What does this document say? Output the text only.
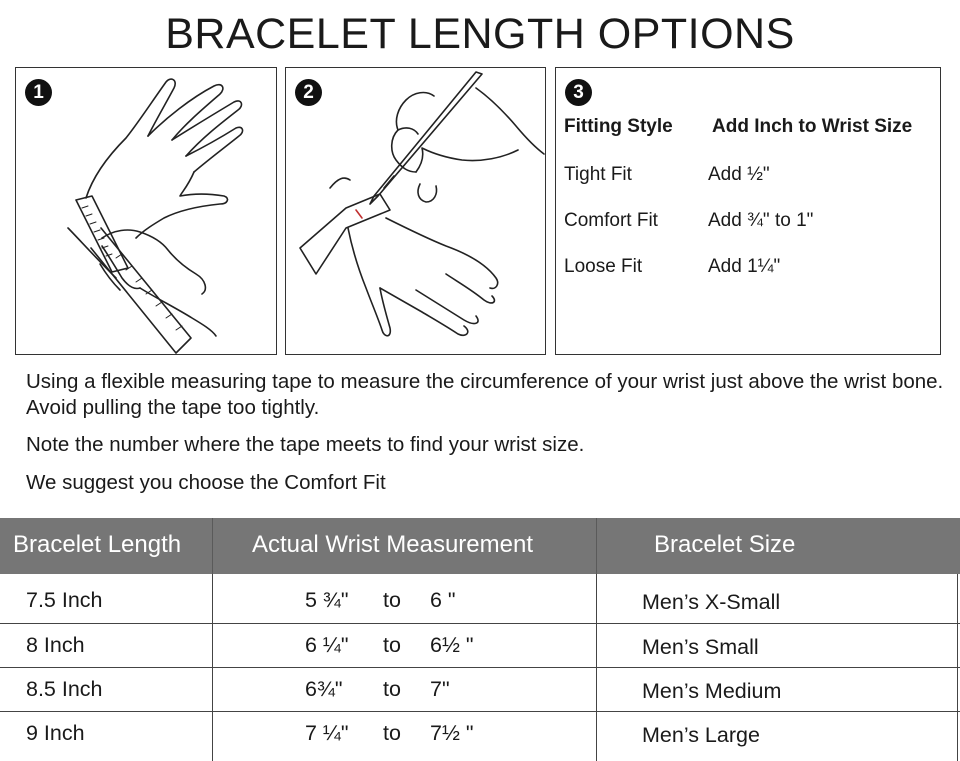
BRACELET LENGTH OPTIONS
1	2	3
Fitting Style Add Inch to Wrist Size
Tight Fit	Add ½"
Comfort Fit	Add ¾" to 1"
Loose Fit	Add 1¼"
Using a flexible measuring tape to measure the circumference of your wrist just above the wrist bone. Avoid pulling the tape too tightly.
Note the number where the tape meets to find your wrist size.
We suggest you choose the Comfort Fit
Bracelet Length	Actual Wrist Measurement	Bracelet Size
7.5 Inch	5 ¾" to 6 "	Men’s X-Small
8 Inch	6 ¼" to 6½ "	Men’s Small
8.5 Inch	6¾" to 7"	Men’s Medium
9 Inch	7 ¼" to 7½ "	Men’s Large
